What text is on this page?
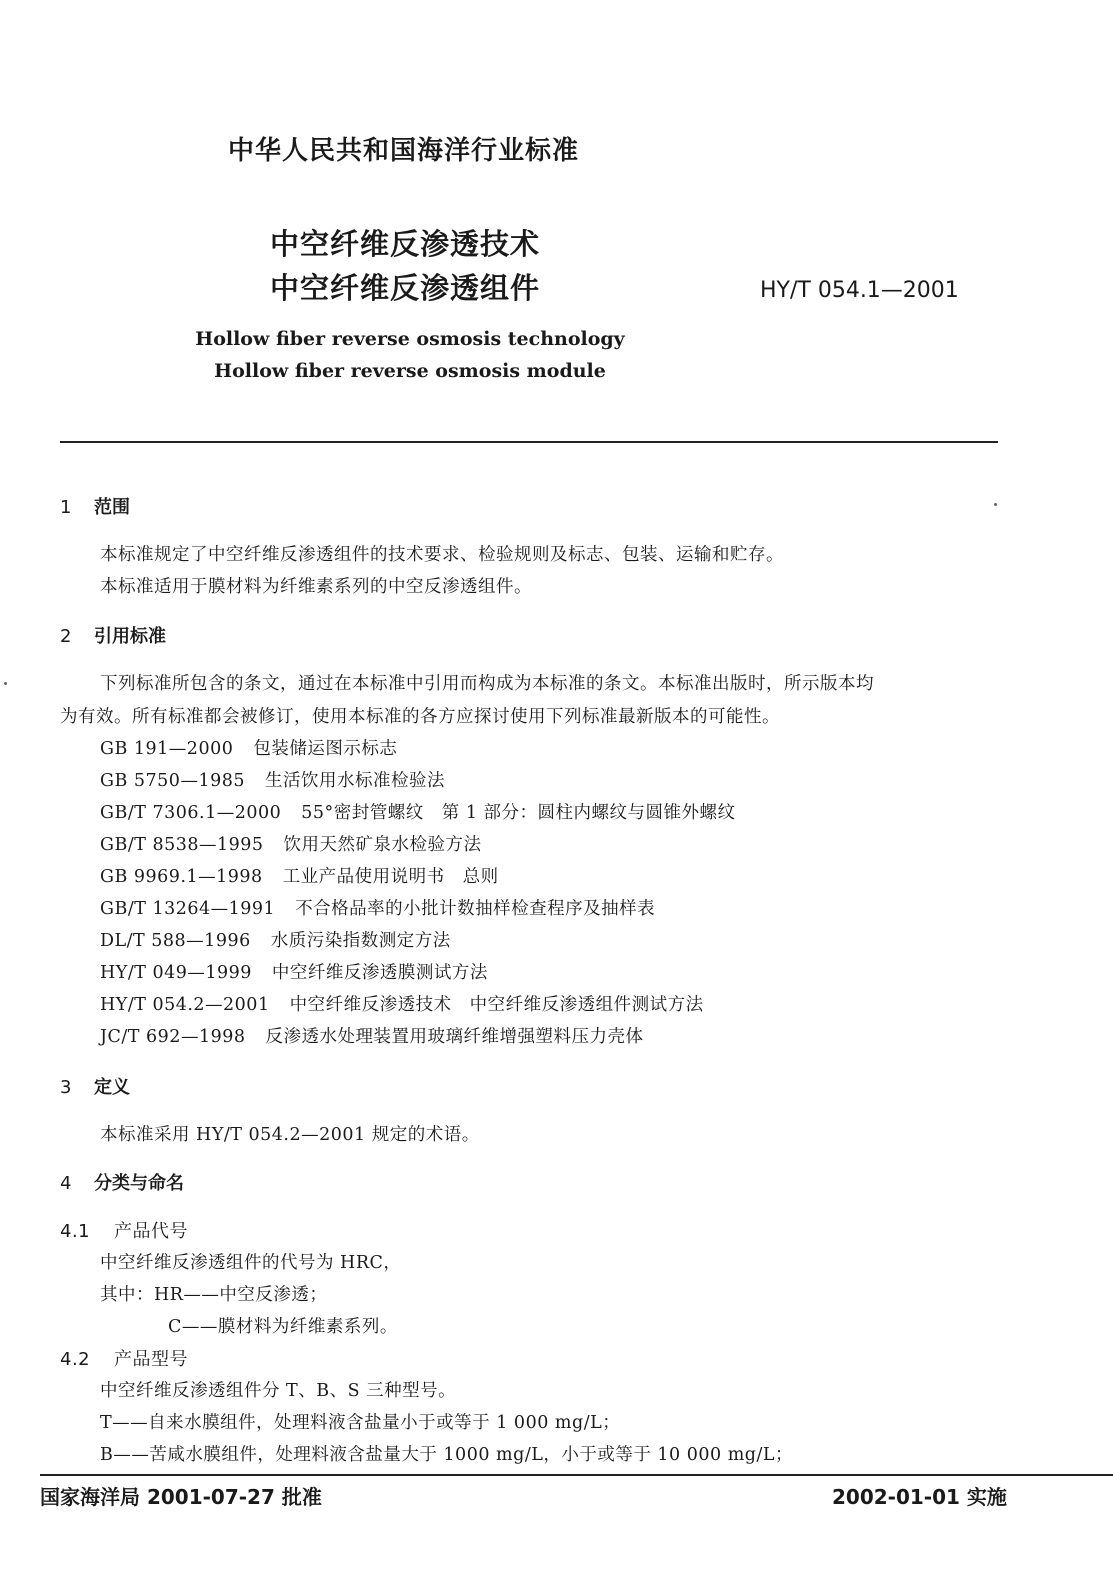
中华人民共和国海洋行业标准
中空纤维反渗透技术
中空纤维反渗透组件	HY/T 054.1—2001
Hollow fiber reverse osmosis technology
Hollow fiber reverse osmosis module
1 范围
本标准规定了中空纤维反渗透组件的技术要求、检验规则及标志、包装、运输和贮存。
本标准适用于膜材料为纤维素系列的中空反渗透组件。
2 引用标准
下列标准所包含的条文，通过在本标准中引用而构成为本标准的条文。本标准出版时，所示版本均
为有效。所有标准都会被修订，使用本标准的各方应探讨使用下列标准最新版本的可能性。
GB 191—2000 包装储运图示标志
GB 5750—1985 生活饮用水标准检验法
GB/T 7306.1—2000 55°密封管螺纹　第 1 部分：圆柱内螺纹与圆锥外螺纹
GB/T 8538—1995 饮用天然矿泉水检验方法
GB 9969.1—1998 工业产品使用说明书　总则
GB/T 13264—1991 不合格品率的小批计数抽样检查程序及抽样表
DL/T 588—1996 水质污染指数测定方法
HY/T 049—1999 中空纤维反渗透膜测试方法
HY/T 054.2—2001 中空纤维反渗透技术　中空纤维反渗透组件测试方法
JC/T 692—1998 反渗透水处理装置用玻璃纤维增强塑料压力壳体
3 定义
本标准采用 HY/T 054.2—2001 规定的术语。
4 分类与命名
4.1 产品代号
中空纤维反渗透组件的代号为 HRC，
其中：HR——中空反渗透；
C——膜材料为纤维素系列。
4.2 产品型号
中空纤维反渗透组件分 T、B、S 三种型号。
T——自来水膜组件，处理料液含盐量小于或等于 1 000 mg/L；
B——苦咸水膜组件，处理料液含盐量大于 1000 mg/L，小于或等于 10 000 mg/L；
国家海洋局 2001-07-27 批准	2002-01-01 实施
